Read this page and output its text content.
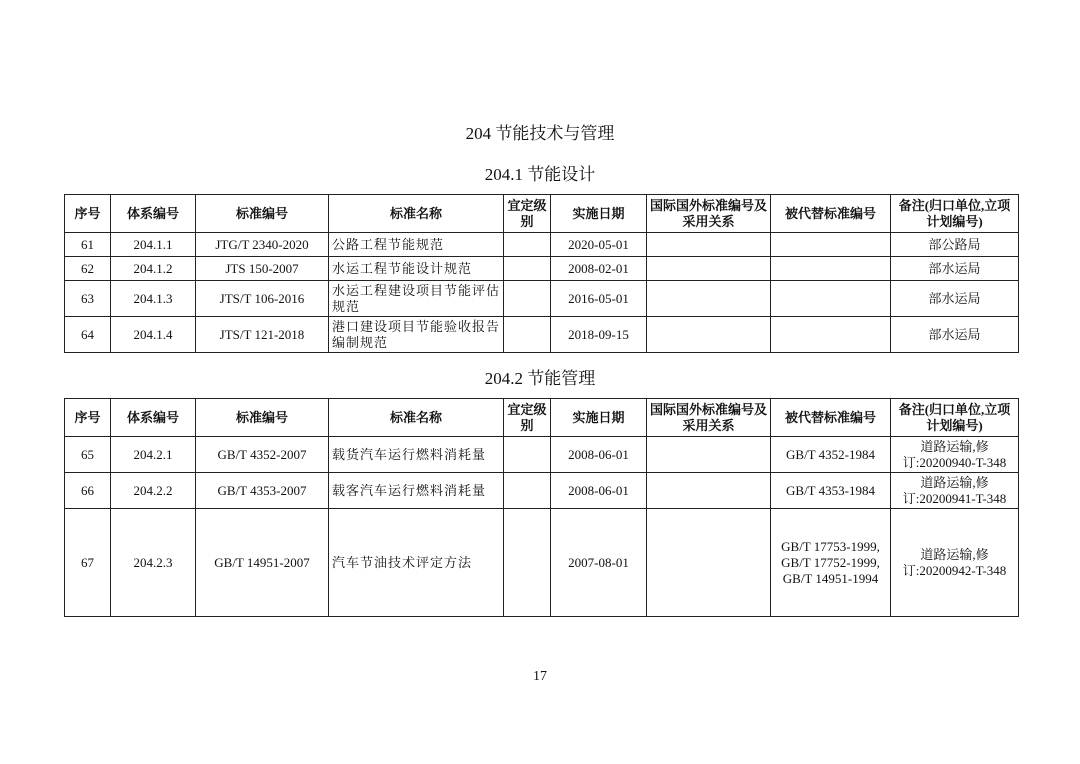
204 节能技术与管理
204.1 节能设计
序号	体系编号	标准编号	标准名称	宜定级别	实施日期	国际国外标准编号及采用关系	被代替标准编号	备注(归口单位,立项计划编号)
61	204.1.1	JTG/T 2340-2020	公路工程节能规范		2020-05-01			部公路局
62	204.1.2	JTS 150-2007	水运工程节能设计规范		2008-02-01			部水运局
63	204.1.3	JTS/T 106-2016	水运工程建设项目节能评估规范		2016-05-01			部水运局
64	204.1.4	JTS/T 121-2018	港口建设项目节能验收报告编制规范		2018-09-15			部水运局
204.2 节能管理
序号	体系编号	标准编号	标准名称	宜定级别	实施日期	国际国外标准编号及采用关系	被代替标准编号	备注(归口单位,立项计划编号)
65	204.2.1	GB/T 4352-2007	载货汽车运行燃料消耗量		2008-06-01		GB/T 4352-1984	道路运输,修订:20200940-T-348
66	204.2.2	GB/T 4353-2007	载客汽车运行燃料消耗量		2008-06-01		GB/T 4353-1984	道路运输,修订:20200941-T-348
67	204.2.3	GB/T 14951-2007	汽车节油技术评定方法		2007-08-01		GB/T 17753-1999, GB/T 17752-1999, GB/T 14951-1994	道路运输,修订:20200942-T-348
17
